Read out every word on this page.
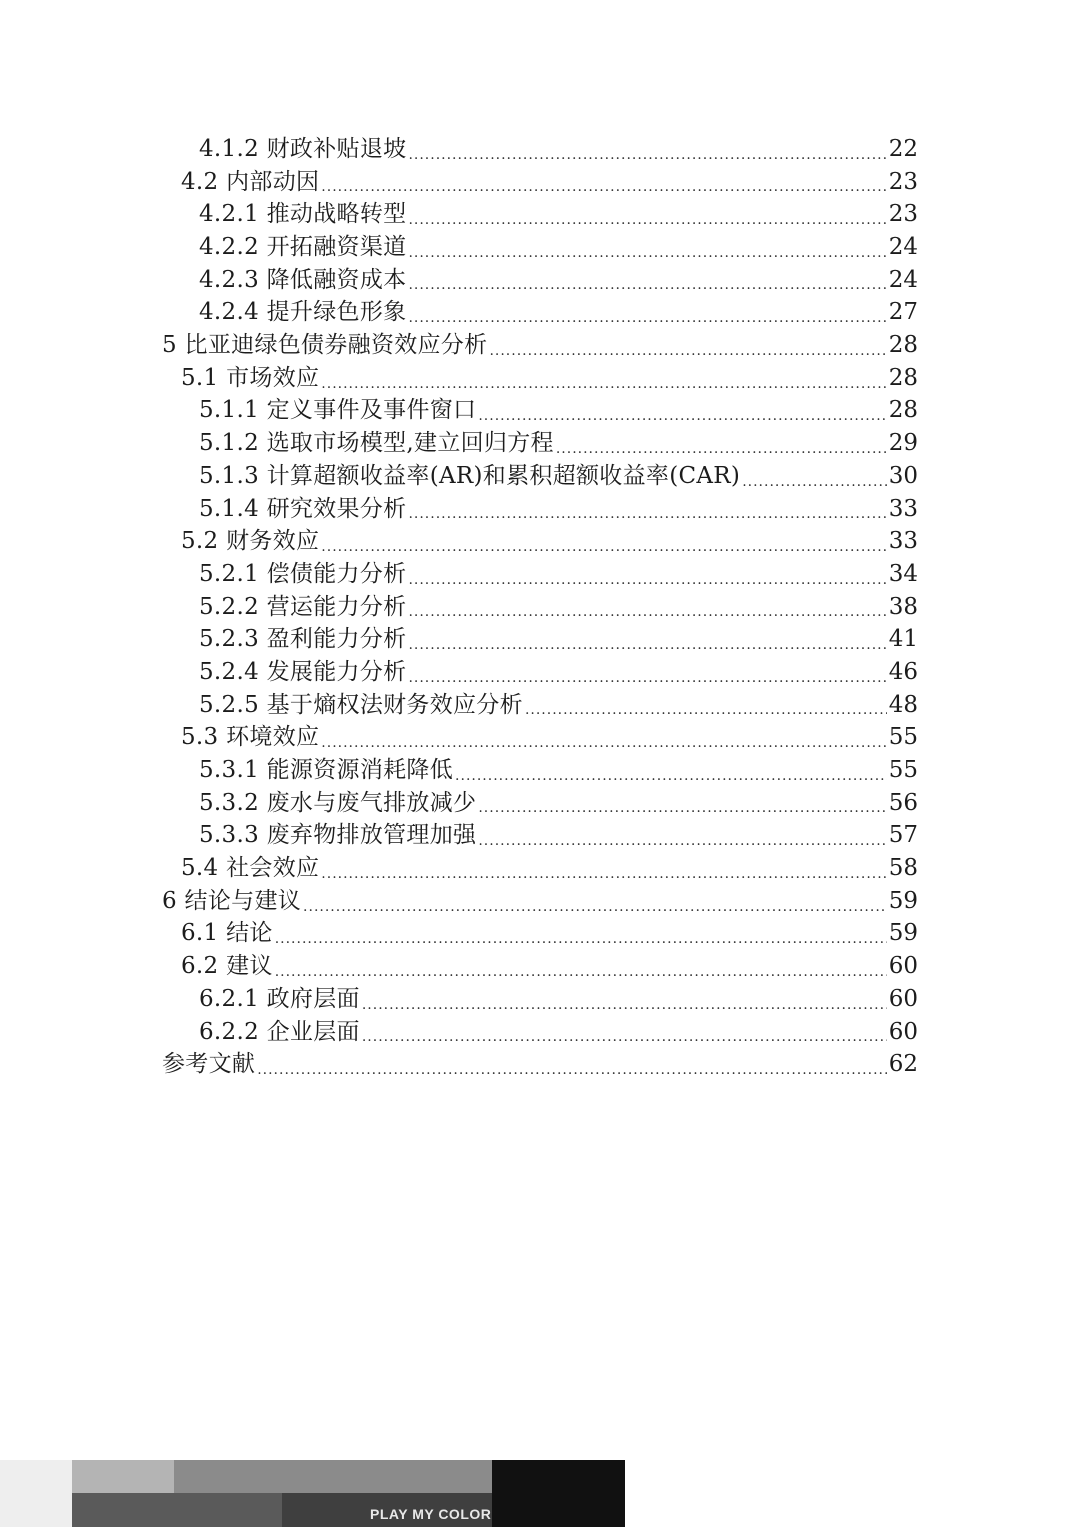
4.1.2 财政补贴退坡 .....	22
4.2 内部动因 .....	23
4.2.1 推动战略转型 .....	23
4.2.2 开拓融资渠道 .....	24
4.2.3 降低融资成本 .....	24
4.2.4 提升绿色形象 .....	27
5 比亚迪绿色债券融资效应分析 .....	28
5.1 市场效应 .....	28
5.1.1 定义事件及事件窗口 .....	28
5.1.2 选取市场模型,建立回归方程 .....	29
5.1.3 计算超额收益率(AR)和累积超额收益率(CAR) .....	30
5.1.4 研究效果分析 .....	33
5.2 财务效应 .....	33
5.2.1 偿债能力分析 .....	34
5.2.2 营运能力分析 .....	38
5.2.3 盈利能力分析 .....	41
5.2.4 发展能力分析 .....	46
5.2.5 基于熵权法财务效应分析 .....	48
5.3 环境效应 .....	55
5.3.1 能源资源消耗降低 .....	55
5.3.2 废水与废气排放减少 .....	56
5.3.3 废弃物排放管理加强 .....	57
5.4 社会效应 .....	58
6 结论与建议 .....	59
6.1 结论 .....	59
6.2 建议 .....	60
6.2.1 政府层面 .....	60
6.2.2 企业层面 .....	60
参考文献 .....	62
PLAY MY COLOR
